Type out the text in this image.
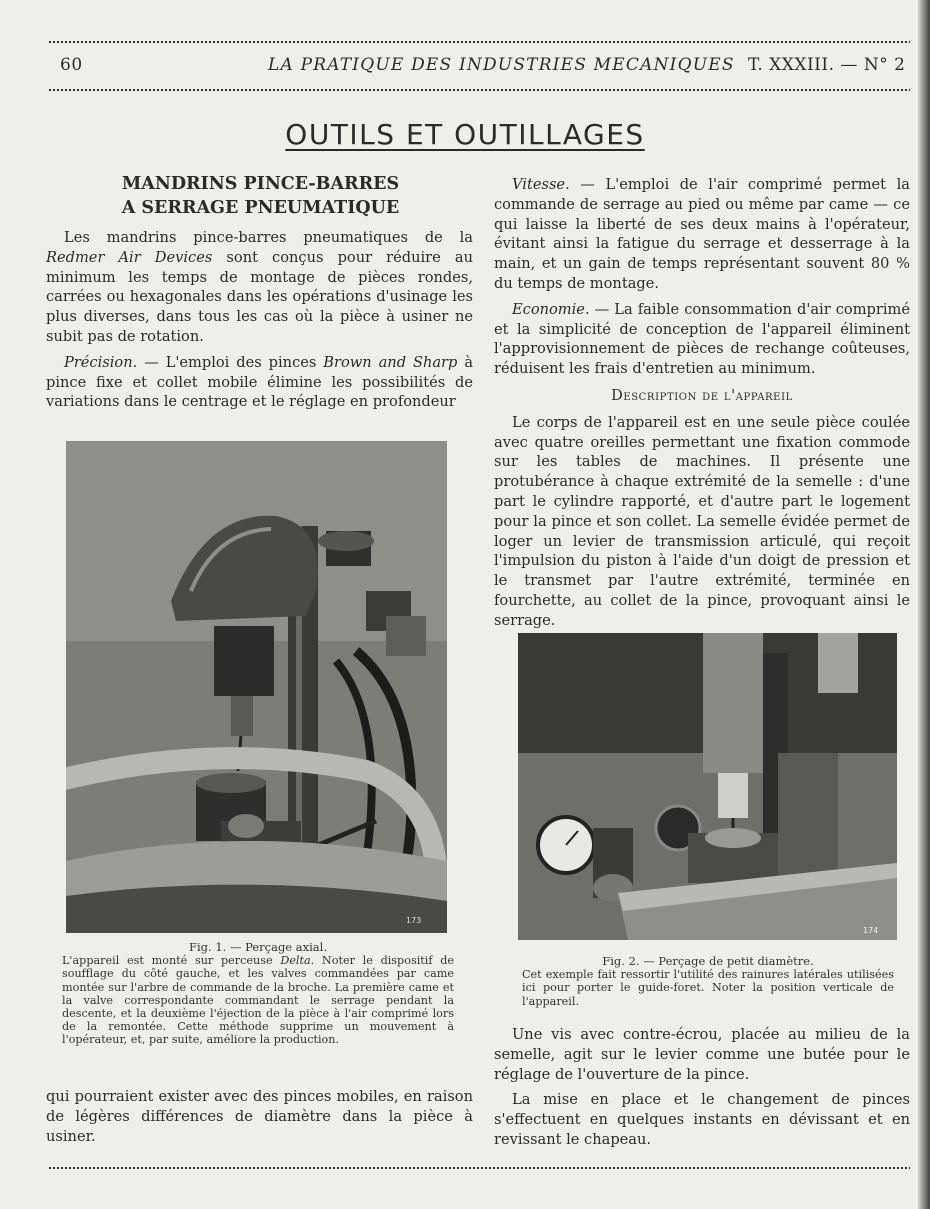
60	LA PRATIQUE DES INDUSTRIES MECANIQUES T. XXXIII. — N° 2
OUTILS ET OUTILLAGES
MANDRINS PINCE-BARRES
A SERRAGE PNEUMATIQUE

Les mandrins pince-barres pneumatiques de la Redmer Air Devices sont conçus pour réduire au minimum les temps de montage de pièces rondes, carrées ou hexagonales dans les opérations d'usinage les plus diverses, dans tous les cas où la pièce à usiner ne subit pas de rotation.

Précision. — L'emploi des pinces Brown and Sharp à pince fixe et collet mobile élimine les possibilités de variations dans le centrage et le réglage en profondeur

173
Fig. 1. — Perçage axial.
L'appareil est monté sur perceuse Delta. Noter le dispositif de soufflage du côté gauche, et les valves commandées par came montée sur l'arbre de commande de la broche. La première came et la valve correspondante commandant le serrage pendant la descente, et la deuxième l'éjection de la pièce à l'air comprimé lors de la remontée. Cette méthode supprime un mouvement à l'opérateur, et, par suite, améliore la production.

qui pourraient exister avec des pinces mobiles, en raison de légères différences de diamètre dans la pièce à usiner.

Vitesse. — L'emploi de l'air comprimé permet la commande de serrage au pied ou même par came — ce qui laisse la liberté de ses deux mains à l'opérateur, évitant ainsi la fatigue du serrage et desserrage à la main, et un gain de temps représentant souvent 80 % du temps de montage.

Economie. — La faible consommation d'air comprimé et la simplicité de conception de l'appareil éliminent l'approvisionnement de pièces de rechange coûteuses, réduisent les frais d'entretien au minimum.

Description de l'appareil

Le corps de l'appareil est en une seule pièce coulée avec quatre oreilles permettant une fixation commode sur les tables de machines. Il présente une protubérance à chaque extrémité de la semelle : d'une part le cylindre rapporté, et d'autre part le logement pour la pince et son collet. La semelle évidée permet de loger un levier de transmission articulé, qui reçoit l'impulsion du piston à l'aide d'un doigt de pression et le transmet par l'autre extrémité, terminée en fourchette, au collet de la pince, provoquant ainsi le serrage.

174
Fig. 2. — Perçage de petit diamètre.
Cet exemple fait ressortir l'utilité des rainures latérales utilisées ici pour porter le guide-foret. Noter la position verticale de l'appareil.

Une vis avec contre-écrou, placée au milieu de la semelle, agit sur le levier comme une butée pour le réglage de l'ouverture de la pince.

La mise en place et le changement de pinces s'effectuent en quelques instants en dévissant et en revissant le chapeau.
